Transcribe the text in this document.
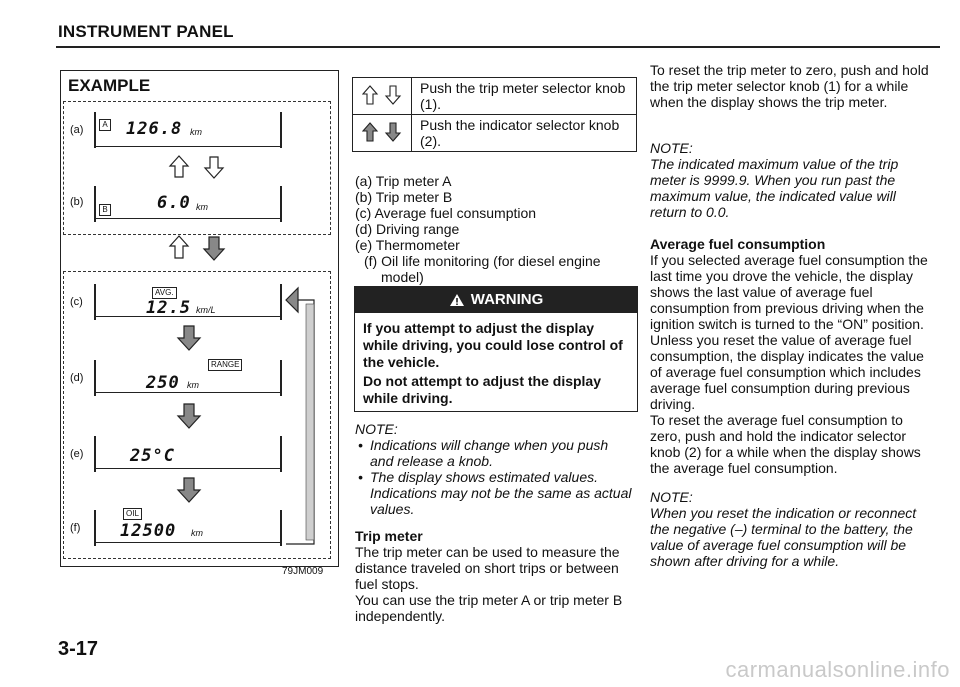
INSTRUMENT PANEL
EXAMPLE
(a)	A 126.8 km
(b)
B	6.0 km
(c)
AVG.
12.5 km/L
(d)
RANGE
250 km
(e)	25°C
(f)
OIL
12500 km
79JM009
	Push the trip meter selector knob (1).
	Push the indicator selector knob (2).
(a) Trip meter A
(b) Trip meter B
(c) Average fuel consumption
(d) Driving range
(e) Thermometer
(f) Oil life monitoring (for diesel engine
model)
WARNING
If you attempt to adjust the display while driving, you could lose control of the vehicle.
Do not attempt to adjust the display while driving.
NOTE:
• Indications will change when you push and release a knob.
• The display shows estimated values. Indications may not be the same as actual values.
Trip meter
The trip meter can be used to measure the distance traveled on short trips or between fuel stops.
You can use the trip meter A or trip meter B independently.
To reset the trip meter to zero, push and hold the trip meter selector knob (1) for a while when the display shows the trip meter.
NOTE:
The indicated maximum value of the trip meter is 9999.9. When you run past the maximum value, the indicated value will return to 0.0.
Average fuel consumption
If you selected average fuel consumption the last time you drove the vehicle, the display shows the last value of average fuel consumption from previous driving when the ignition switch is turned to the “ON” position. Unless you reset the value of average fuel consumption, the display indicates the value of average fuel consumption which includes average fuel consumption during previous driving.
To reset the average fuel consumption to zero, push and hold the indicator selector knob (2) for a while when the display shows the average fuel consumption.
NOTE:
When you reset the indication or reconnect the negative (–) terminal to the battery, the value of average fuel consumption will be shown after driving for a while.
3-17
carmanualsonline.info
